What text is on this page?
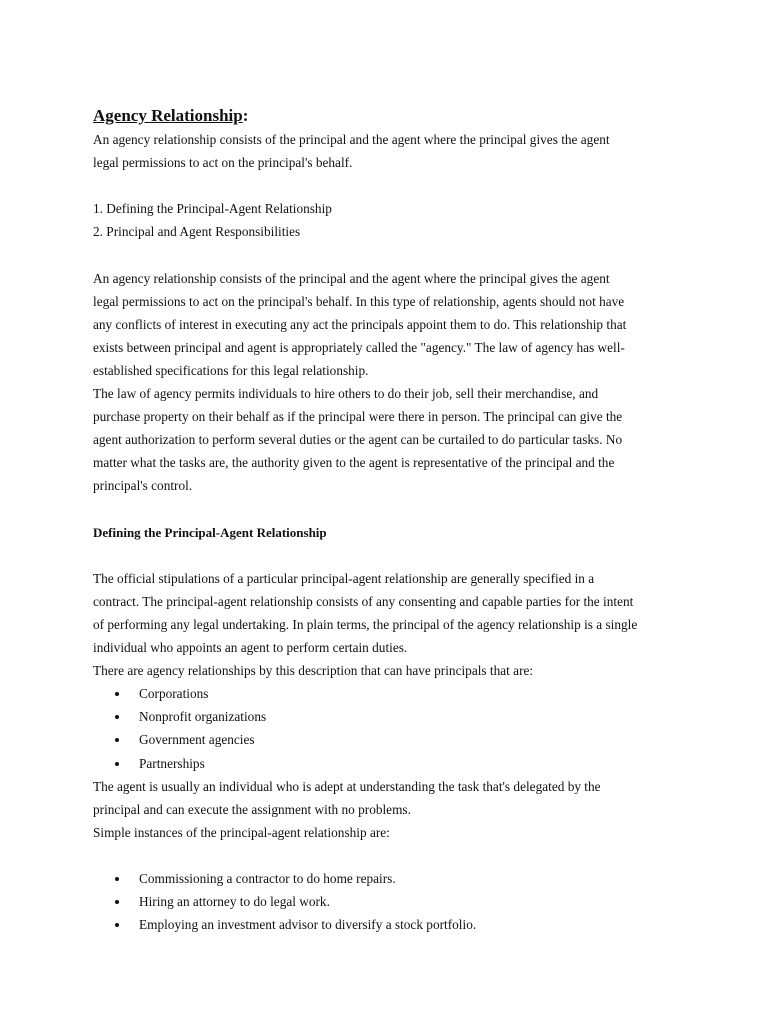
Agency Relationship:

An agency relationship consists of the principal and the agent where the principal gives the agent

legal permissions to act on the principal's behalf.

1. Defining the Principal-Agent Relationship

2. Principal and Agent Responsibilities

An agency relationship consists of the principal and the agent where the principal gives the agent

legal permissions to act on the principal's behalf. In this type of relationship, agents should not have

any conflicts of interest in executing any act the principals appoint them to do. This relationship that

exists between principal and agent is appropriately called the "agency." The law of agency has well-

established specifications for this legal relationship.

The law of agency permits individuals to hire others to do their job, sell their merchandise, and

purchase property on their behalf as if the principal were there in person. The principal can give the

agent authorization to perform several duties or the agent can be curtailed to do particular tasks. No

matter what the tasks are, the authority given to the agent is representative of the principal and the

principal's control.

Defining the Principal-Agent Relationship

The official stipulations of a particular principal-agent relationship are generally specified in a

contract. The principal-agent relationship consists of any consenting and capable parties for the intent

of performing any legal undertaking. In plain terms, the principal of the agency relationship is a single

individual who appoints an agent to perform certain duties.

There are agency relationships by this description that can have principals that are:

Corporations
Nonprofit organizations
Government agencies
Partnerships

The agent is usually an individual who is adept at understanding the task that's delegated by the

principal and can execute the assignment with no problems.

Simple instances of the principal-agent relationship are:

Commissioning a contractor to do home repairs.
Hiring an attorney to do legal work.
Employing an investment advisor to diversify a stock portfolio.
